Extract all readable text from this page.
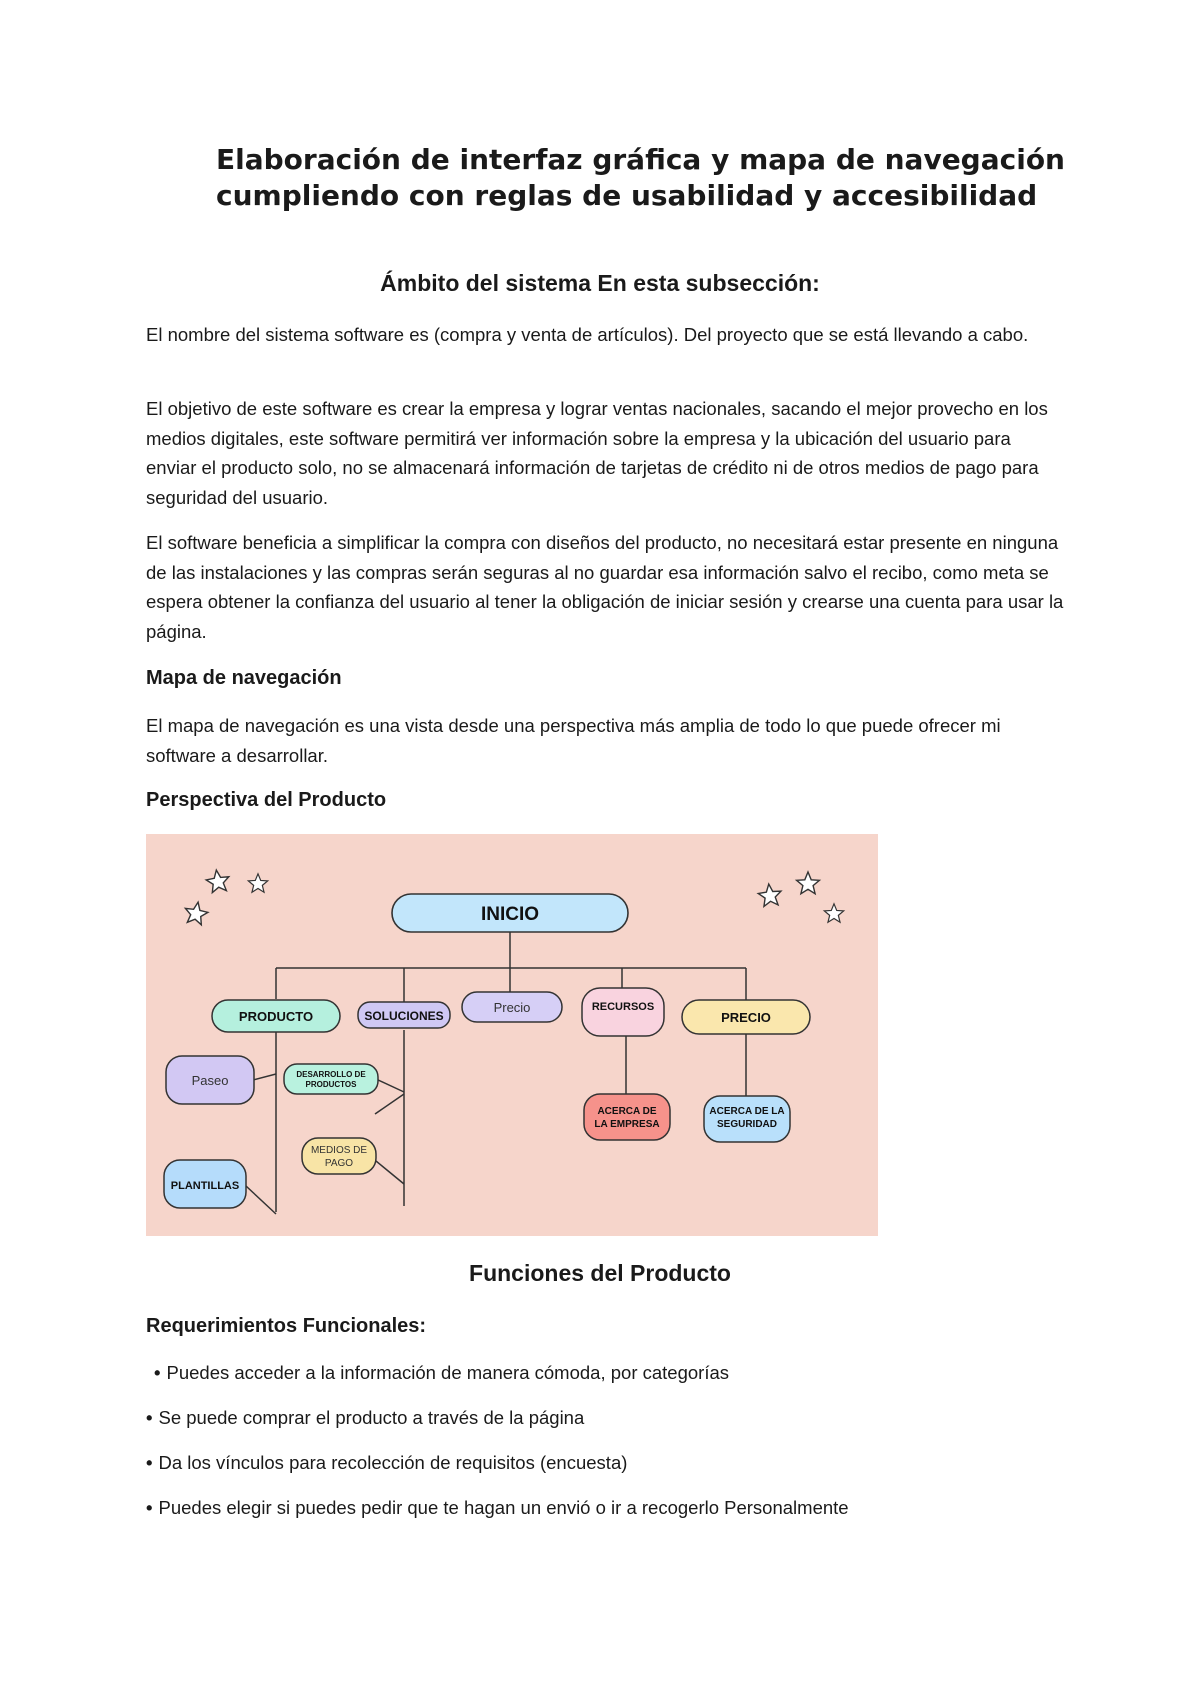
Elaboración de interfaz gráfica y mapa de navegación
cumpliendo con reglas de usabilidad y accesibilidad
Ámbito del sistema En esta subsección:

El nombre del sistema software es (compra y venta de artículos). Del proyecto que se está llevando a cabo.

El objetivo de este software es crear la empresa y lograr ventas nacionales, sacando el mejor provecho en los medios digitales, este software permitirá ver información sobre la empresa y la ubicación del usuario para enviar el producto solo, no se almacenará información de tarjetas de crédito ni de otros medios de pago para seguridad del usuario.

El software beneficia a simplificar la compra con diseños del producto, no necesitará estar presente en ninguna de las instalaciones y las compras serán seguras al no guardar esa información salvo el recibo, como meta se espera obtener la confianza del usuario al tener la obligación de iniciar sesión y crearse una cuenta para usar la página.

Mapa de navegación

El mapa de navegación es una vista desde una perspectiva más amplia de todo lo que puede ofrecer mi software a desarrollar.

Perspectiva del Producto
INICIO
PRODUCTO	SOLUCIONES
Precio	RECURSOS
PRECIO
Paseo	DESARROLLO DE
PRODUCTOS
MEDIOS DE
PAGO
PLANTILLAS
ACERCA DE
LA EMPRESA
ACERCA DE LA
SEGURIDAD
Funciones del Producto
Requerimientos Funcionales:

• Puedes acceder a la información de manera cómoda, por categorías

• Se puede comprar el producto a través de la página

• Da los vínculos para recolección de requisitos (encuesta)

• Puedes elegir si puedes pedir que te hagan un envió o ir a recogerlo Personalmente
